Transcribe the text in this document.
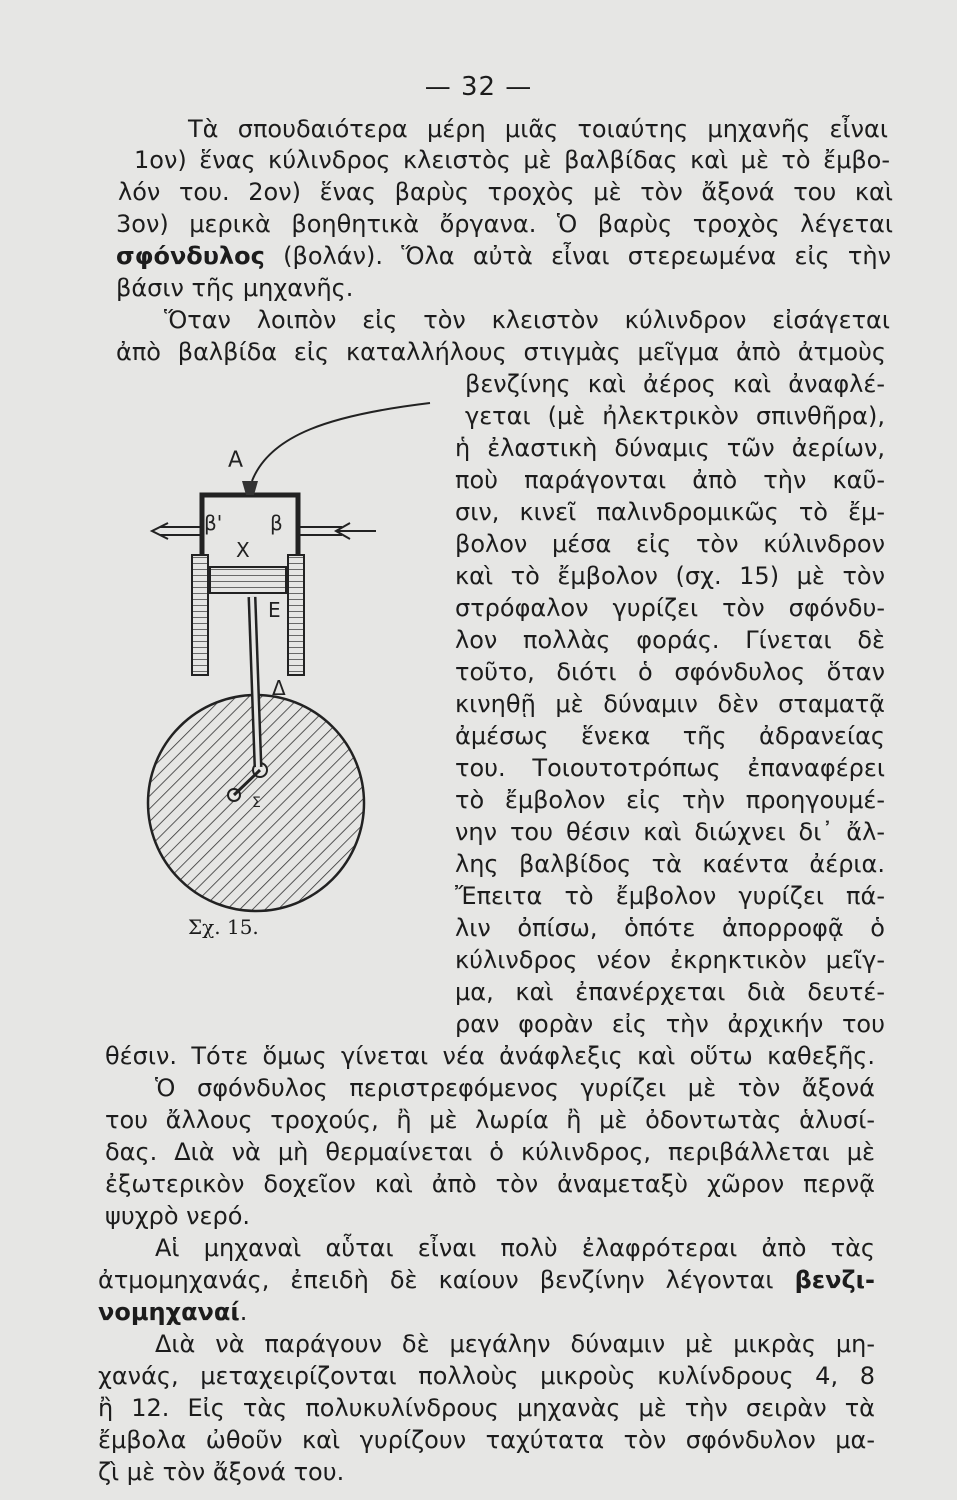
— 32 —
Τὰ σπουδαιότερα μέρη μιᾶς τοιαύτης μηχανῆς εἶναι
1ον) ἕνας κύλινδρος κλειστὸς μὲ βαλβίδας καὶ μὲ τὸ ἔμβο-
λόν του. 2ον) ἕνας βαρὺς τροχὸς μὲ τὸν ἄξονά του καὶ
3ον) μερικὰ βοηθητικὰ ὄργανα. Ὁ βαρὺς τροχὸς λέγεται
σφόνδυλος (βολάν). Ὅλα αὐτὰ εἶναι στερεωμένα εἰς τὴν
βάσιν τῆς μηχανῆς.
Ὅταν λοιπὸν εἰς τὸν κλειστὸν κύλινδρον εἰσάγεται
ἀπὸ βαλβίδα εἰς καταλλήλους στιγμὰς μεῖγμα ἀπὸ ἀτμοὺς
βενζίνης καὶ ἀέρος καὶ ἀναφλέ-
γεται (μὲ ἠλεκτρικὸν σπινθῆρα),
ἡ ἐλαστικὴ δύναμις τῶν ἀερίων,
ποὺ παράγονται ἀπὸ τὴν καῦ-
σιν, κινεῖ παλινδρομικῶς τὸ ἔμ-
βολον μέσα εἰς τὸν κύλινδρον
καὶ τὸ ἔμβολον (σχ. 15) μὲ τὸν
στρόφαλον γυρίζει τὸν σφόνδυ-
λον πολλὰς φοράς. Γίνεται δὲ
τοῦτο, διότι ὁ σφόνδυλος ὅταν
κινηθῇ μὲ δύναμιν δὲν σταματᾷ
ἀμέσως ἕνεκα τῆς ἀδρανείας
του. Τοιουτοτρόπως ἐπαναφέρει
τὸ ἔμβολον εἰς τὴν προηγουμέ-
νην του θέσιν καὶ διώχνει δι᾽ ἄλ-
λης βαλβίδος τὰ καέντα ἀέρια.
Ἔπειτα τὸ ἔμβολον γυρίζει πά-
λιν ὀπίσω, ὁπότε ἀπορροφᾷ ὁ
κύλινδρος νέον ἐκρηκτικὸν μεῖγ-
μα, καὶ ἐπανέρχεται διὰ δευτέ-
ραν φορὰν εἰς τὴν ἀρχικήν του
θέσιν. Τότε ὅμως γίνεται νέα ἀνάφλεξις καὶ οὕτω καθεξῆς.
Ὁ σφόνδυλος περιστρεφόμενος γυρίζει μὲ τὸν ἄξονά
του ἄλλους τροχούς, ἢ μὲ λωρία ἢ μὲ ὀδοντωτὰς ἁλυσί-
δας. Διὰ νὰ μὴ θερμαίνεται ὁ κύλινδρος, περιβάλλεται μὲ
ἐξωτερικὸν δοχεῖον καὶ ἀπὸ τὸν ἀναμεταξὺ χῶρον περνᾷ
ψυχρὸ νερό.
Αἱ μηχαναὶ αὗται εἶναι πολὺ ἐλαφρότεραι ἀπὸ τὰς
ἀτμομηχανάς, ἐπειδὴ δὲ καίουν βενζίνην λέγονται βενζι-
νομηχαναί.
Διὰ νὰ παράγουν δὲ μεγάλην δύναμιν μὲ μικρὰς μη-
χανάς, μεταχειρίζονται πολλοὺς μικροὺς κυλίνδρους 4, 8
ἢ 12. Εἰς τὰς πολυκυλίνδρους μηχανὰς μὲ τὴν σειρὰν τὰ
ἔμβολα ὠθοῦν καὶ γυρίζουν ταχύτατα τὸν σφόνδυλον μα-
ζὶ μὲ τὸν ἄξονά του.
Α
β' β
Χ
Ε
Δ
Σ
Σχ. 15.
